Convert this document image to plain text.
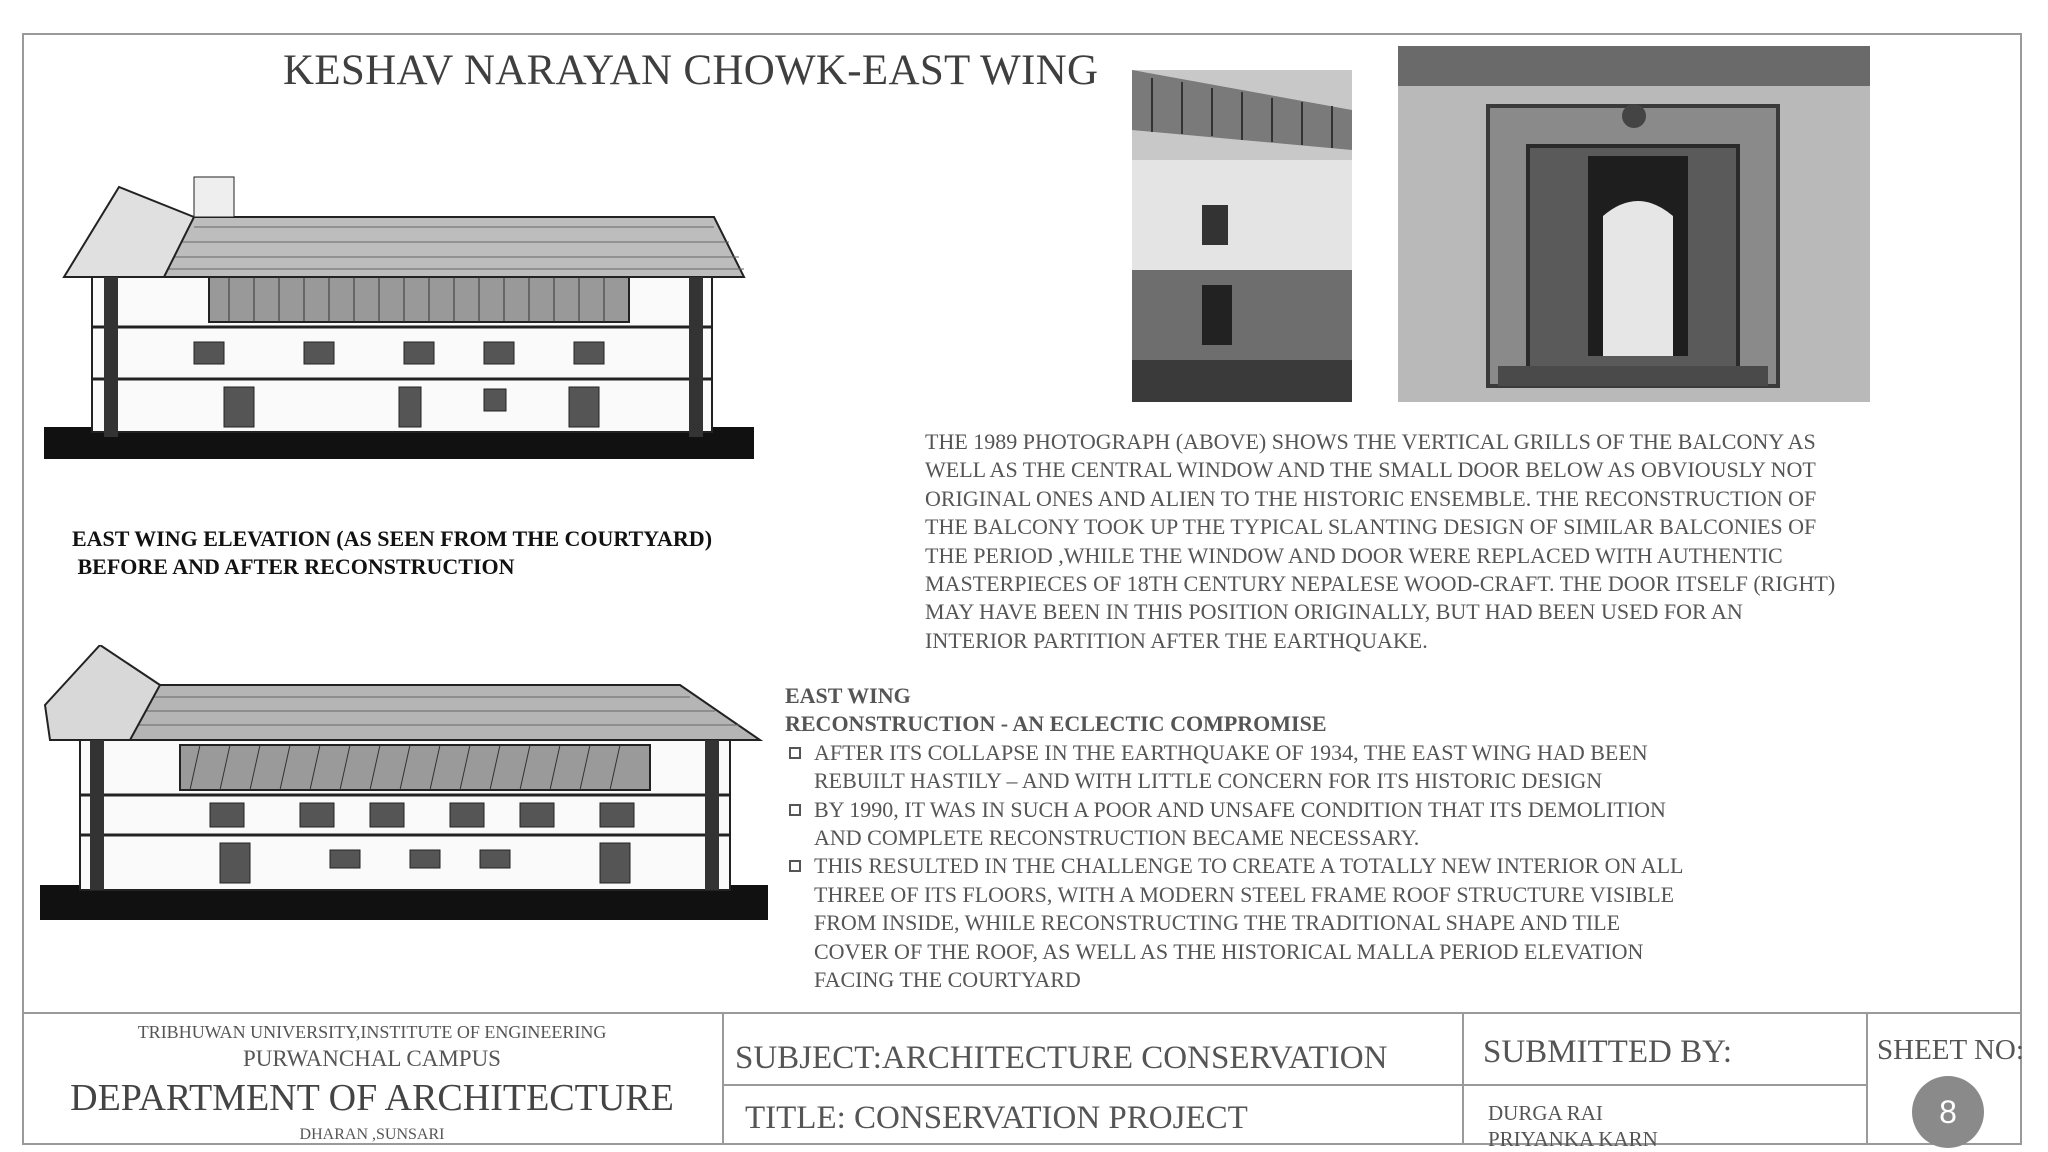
KESHAV NARAYAN CHOWK-EAST WING
EAST WING ELEVATION (AS SEEN FROM THE COURTYARD)
BEFORE AND AFTER RECONSTRUCTION
THE 1989 PHOTOGRAPH (ABOVE) SHOWS THE VERTICAL GRILLS OF THE BALCONY AS
WELL AS THE CENTRAL WINDOW AND THE SMALL DOOR BELOW AS OBVIOUSLY NOT
ORIGINAL ONES AND ALIEN TO THE HISTORIC ENSEMBLE. THE RECONSTRUCTION OF
THE BALCONY TOOK UP THE TYPICAL SLANTING DESIGN OF SIMILAR BALCONIES OF
THE PERIOD ,WHILE THE WINDOW AND DOOR WERE REPLACED WITH AUTHENTIC
MASTERPIECES OF 18TH CENTURY NEPALESE WOOD-CRAFT. THE DOOR ITSELF (RIGHT)
MAY HAVE BEEN IN THIS POSITION ORIGINALLY, BUT HAD BEEN USED FOR AN
INTERIOR PARTITION AFTER THE EARTHQUAKE.
EAST WING
RECONSTRUCTION - AN ECLECTIC COMPROMISE
AFTER ITS COLLAPSE IN THE EARTHQUAKE OF 1934, THE EAST WING HAD BEEN
REBUILT HASTILY – AND WITH LITTLE CONCERN FOR ITS HISTORIC DESIGN
BY 1990, IT WAS IN SUCH A POOR AND UNSAFE CONDITION THAT ITS DEMOLITION
AND COMPLETE RECONSTRUCTION BECAME NECESSARY.
THIS RESULTED IN THE CHALLENGE TO CREATE A TOTALLY NEW INTERIOR ON ALL
THREE OF ITS FLOORS, WITH A MODERN STEEL FRAME ROOF STRUCTURE VISIBLE
FROM INSIDE, WHILE RECONSTRUCTING THE TRADITIONAL SHAPE AND TILE
COVER OF THE ROOF, AS WELL AS THE HISTORICAL MALLA PERIOD ELEVATION
FACING THE COURTYARD
TRIBHUWAN UNIVERSITY,INSTITUTE OF ENGINEERING
PURWANCHAL CAMPUS
DEPARTMENT OF ARCHITECTURE
DHARAN ,SUNSARI
SUBJECT:ARCHITECTURE CONSERVATION
TITLE: CONSERVATION PROJECT
SUBMITTED BY:
DURGA RAI
PRIYANKA KARN
SHEET NO:
8
